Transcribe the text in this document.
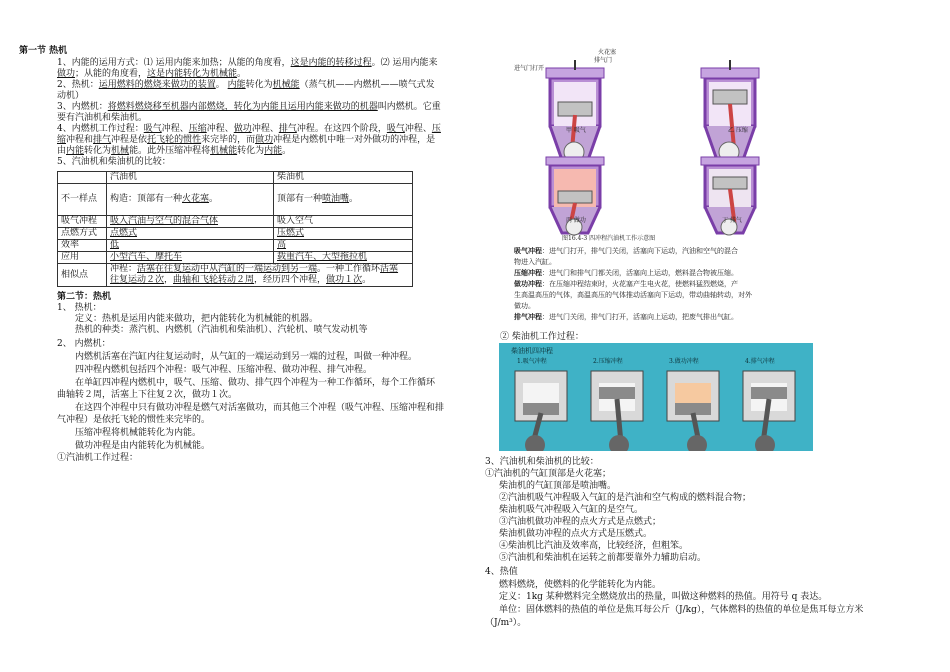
第一节 热机
1、内能的运用方式：⑴ 运用内能来加热；从能的角度看，这是内能的转移过程。⑵ 运用内能来
做功；从能的角度看，这是内能转化为机械能。
2、热机：运用燃料的燃烧来做功的装置。 内能转化为机械能（蒸气机——内燃机——喷气式发
动机）
3、内燃机：将燃料燃烧移至机器内部燃烧，转化为内能且运用内能来做功的机器叫内燃机。它重
要有汽油机和柴油机。
4、内燃机工作过程：吸气冲程、压缩冲程、做功冲程、排气冲程。在这四个阶段，吸气冲程、压
缩冲程和排气冲程是依托飞轮的惯性来完毕的，而做功冲程是内燃机中唯一对外做功的冲程，是
由内能转化为机械能。此外压缩冲程将机械能转化为内能。
5、汽油机和柴油机的比较：
	汽油机	柴油机
不一样点	构造：顶部有一种火花塞。	顶部有一种喷油嘴。
吸气冲程	吸入汽油与空气的混合气体	吸入空气
点燃方式	点燃式	压燃式
效率	低	高
应用	小型汽车、摩托车	载重汽车、大型拖拉机
相似点	冲程：活塞在往复运动中从汽缸的一端运动到另一端。一种工作循环活塞
往复运动２次，曲轴和飞轮转动２周，经历四个冲程，做功１次。	
第二节：热机
1、 热机：
定义：热机是运用内能来做功，把内能转化为机械能的机器。
热机的种类：蒸汽机、内燃机（汽油机和柴油机）、汽轮机、喷气发动机等
2、 内燃机：
内燃机活塞在汽缸内往复运动时，从气缸的一端运动到另一端的过程，叫做一种冲程。
四冲程内燃机包括四个冲程：吸气冲程、压缩冲程、做功冲程、排气冲程。
在单缸四冲程内燃机中，吸气、压缩、做功、排气四个冲程为一种工作循环，每个工作循环
曲轴转２周，活塞上下往复２次，做功１次。
在这四个冲程中只有做功冲程是燃气对活塞做功，而其他三个冲程（吸气冲程、压缩冲程和排
气冲程）是依托飞轮的惯性来完毕的。
压缩冲程将机械能转化为内能。
做功冲程是由内能转化为机械能。
①汽油机工作过程：
进气门打开
排气门
火花塞
甲 吸气	乙 压缩
丙 做功	丁 排气
图16.4-3 四冲程汽油机工作示意图
吸气冲程：进气门打开，排气门关闭，活塞向下运动，汽油和空气的混合
物进入汽缸。
压缩冲程：进气门和排气门都关闭，活塞向上运动，燃料混合物被压缩。
做功冲程：在压缩冲程结束时，火花塞产生电火花，使燃料猛烈燃烧，产
生高温高压的气体，高温高压的气体推动活塞向下运动，带动曲轴转动，对外
做功。
排气冲程：进气门关闭，排气门打开，活塞向上运动，把废气排出气缸。
② 柴油机工作过程：
柴油机四冲程
1.吸气冲程	2.压缩冲程	3.做功冲程	4.排气冲程
3、汽油机和柴油机的比较：
①汽油机的气缸顶部是火花塞；
柴油机的气缸顶部是喷油嘴。
②汽油机吸气冲程吸入气缸的是汽油和空气构成的燃料混合物；
柴油机吸气冲程吸入气缸的是空气。
③汽油机做功冲程的点火方式是点燃式；
柴油机做功冲程的点火方式是压燃式。
④柴油机比汽油及效率高，比较经济，但粗笨。
⑤汽油机和柴油机在运转之前都要靠外力辅助启动。
4、热值
燃料燃烧，使燃料的化学能转化为内能。
定义：1kg 某种燃料完全燃烧放出的热量，叫做这种燃料的热值。用符号 q 表达。
单位：固体燃料的热值的单位是焦耳每公斤（J/kg），气体燃料的热值的单位是焦耳每立方米
（J/m³）。
